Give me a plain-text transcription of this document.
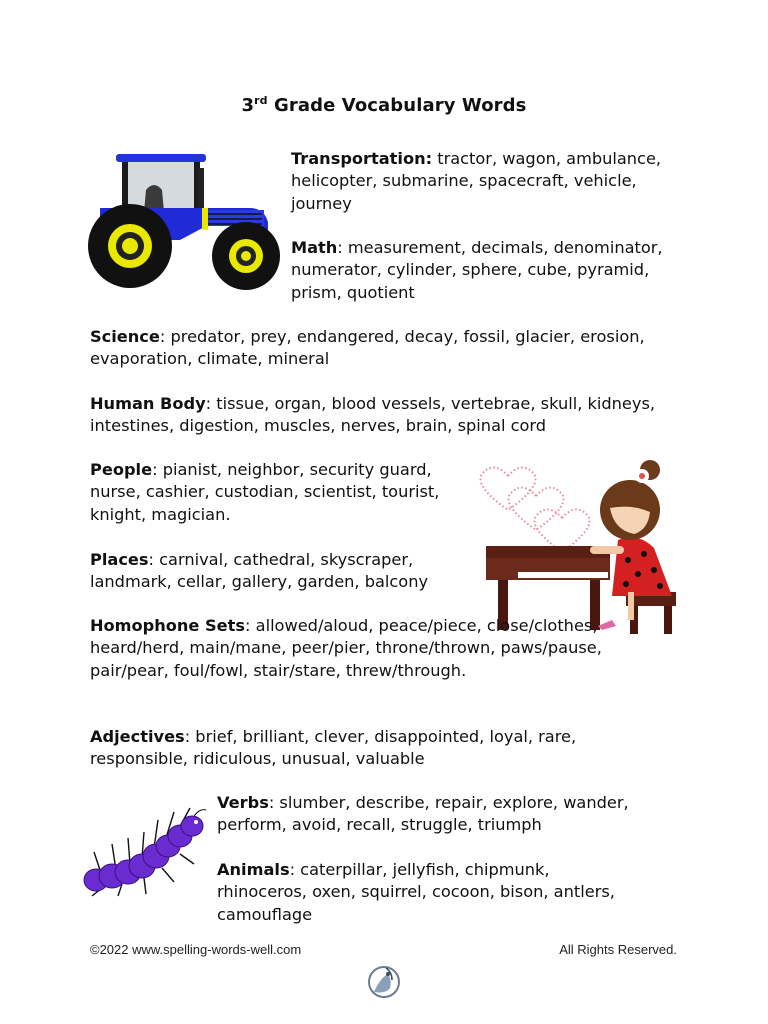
3rd Grade Vocabulary Words
Transportation: tractor, wagon, ambulance, helicopter, submarine, spacecraft, vehicle, journey
Math: measurement, decimals, denominator, numerator, cylinder, sphere, cube, pyramid, prism, quotient
Science: predator, prey, endangered, decay, fossil, glacier, erosion, evaporation, climate, mineral
Human Body: tissue, organ, blood vessels, vertebrae, skull, kidneys, intestines, digestion, muscles, nerves, brain, spinal cord
People: pianist, neighbor, security guard, nurse, cashier, custodian, scientist, tourist, knight, magician.
Places: carnival, cathedral, skyscraper, landmark, cellar, gallery, garden, balcony
Homophone Sets: allowed/aloud, peace/piece, close/clothes, heard/herd, main/mane, peer/pier, throne/thrown, paws/pause, pair/pear, foul/fowl, stair/stare, threw/through.
Adjectives: brief, brilliant, clever, disappointed, loyal, rare, responsible, ridiculous, unusual, valuable
Verbs: slumber, describe, repair, explore, wander, perform, avoid, recall, struggle, triumph
Animals: caterpillar, jellyfish, chipmunk, rhinoceros, oxen, squirrel, cocoon, bison, antlers, camouflage
©2022 www.spelling-words-well.com	All Rights Reserved.
